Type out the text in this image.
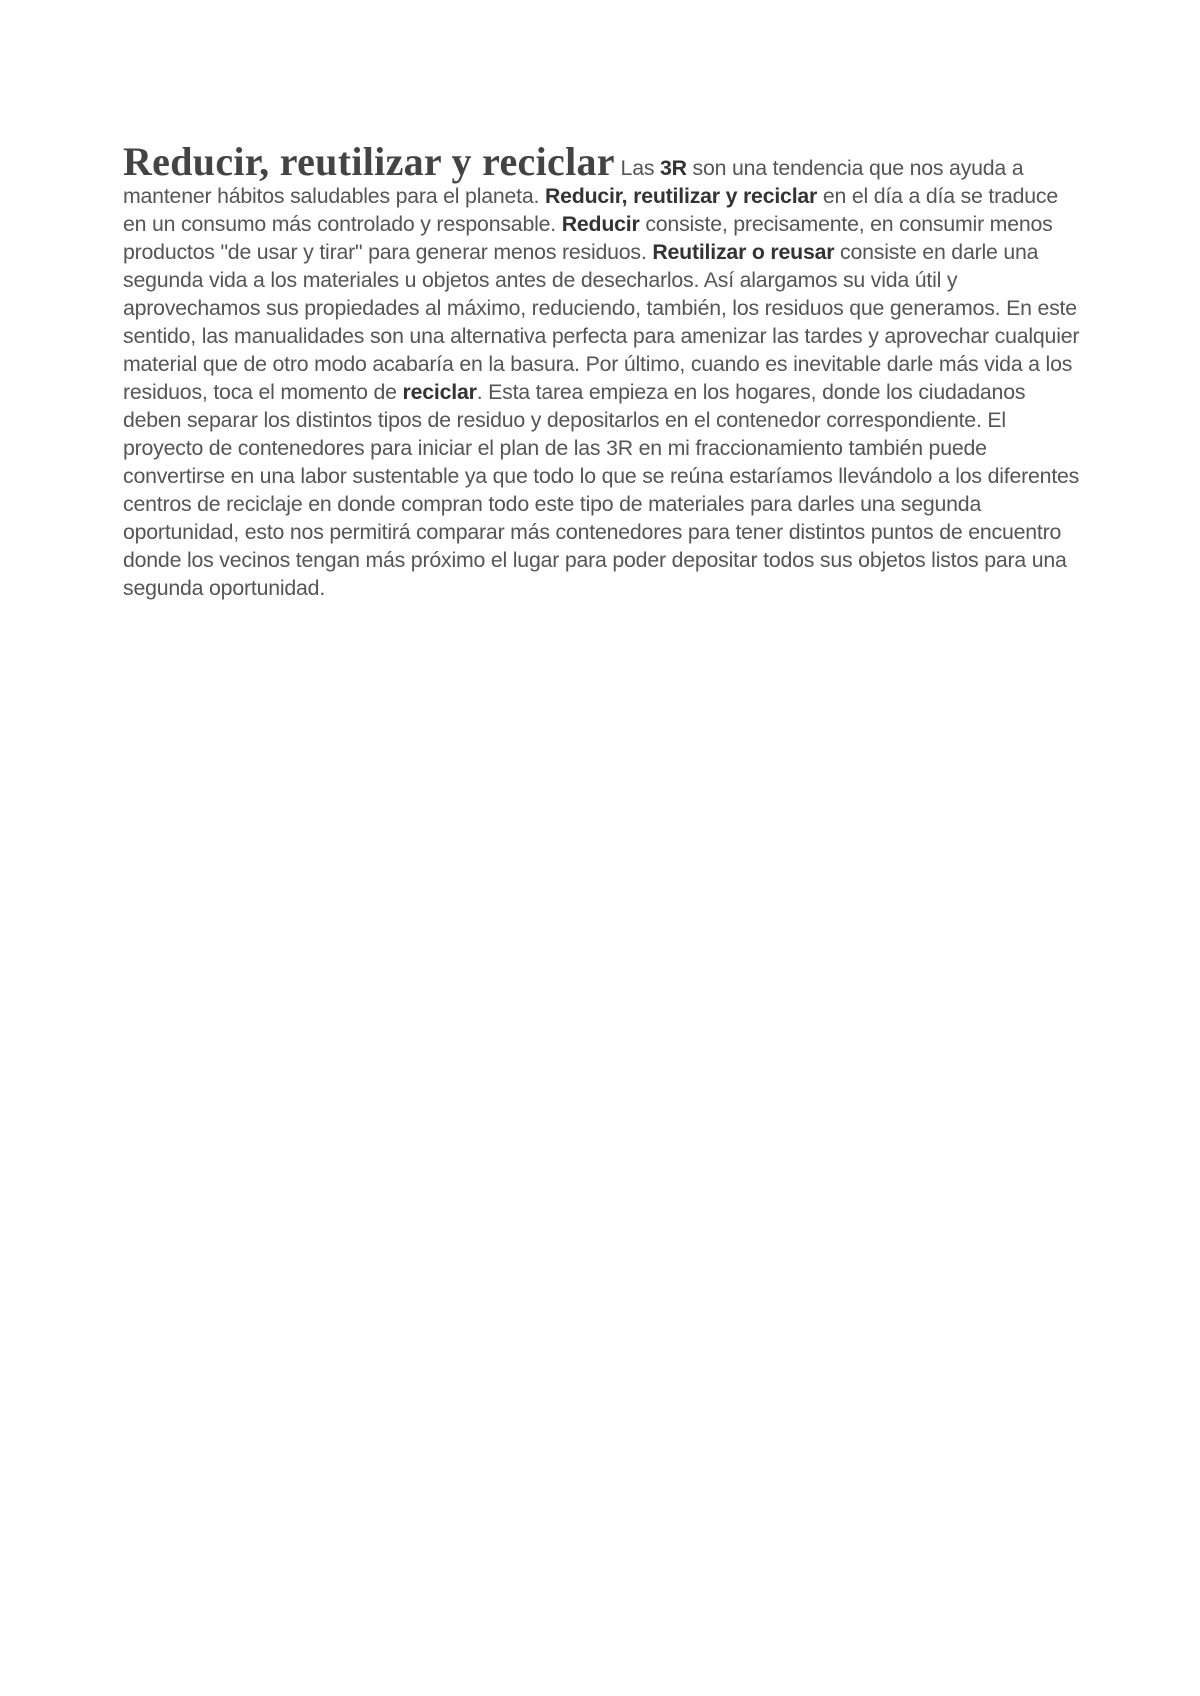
Reducir, reutilizar y reciclar Las 3R son una tendencia que nos ayuda a mantener hábitos saludables para el planeta. Reducir, reutilizar y reciclar en el día a día se traduce en un consumo más controlado y responsable. Reducir consiste, precisamente, en consumir menos productos "de usar y tirar" para generar menos residuos. Reutilizar o reusar consiste en darle una segunda vida a los materiales u objetos antes de desecharlos. Así alargamos su vida útil y aprovechamos sus propiedades al máximo, reduciendo, también, los residuos que generamos. En este sentido, las manualidades son una alternativa perfecta para amenizar las tardes y aprovechar cualquier material que de otro modo acabaría en la basura. Por último, cuando es inevitable darle más vida a los residuos, toca el momento de reciclar. Esta tarea empieza en los hogares, donde los ciudadanos deben separar los distintos tipos de residuo y depositarlos en el contenedor correspondiente. El proyecto de contenedores para iniciar el plan de las 3R en mi fraccionamiento también puede convertirse en una labor sustentable ya que todo lo que se reúna estaríamos llevándolo a los diferentes centros de reciclaje en donde compran todo este tipo de materiales para darles una segunda oportunidad, esto nos permitirá comparar más contenedores para tener distintos puntos de encuentro donde los vecinos tengan más próximo el lugar para poder depositar todos sus objetos listos para una segunda oportunidad.
